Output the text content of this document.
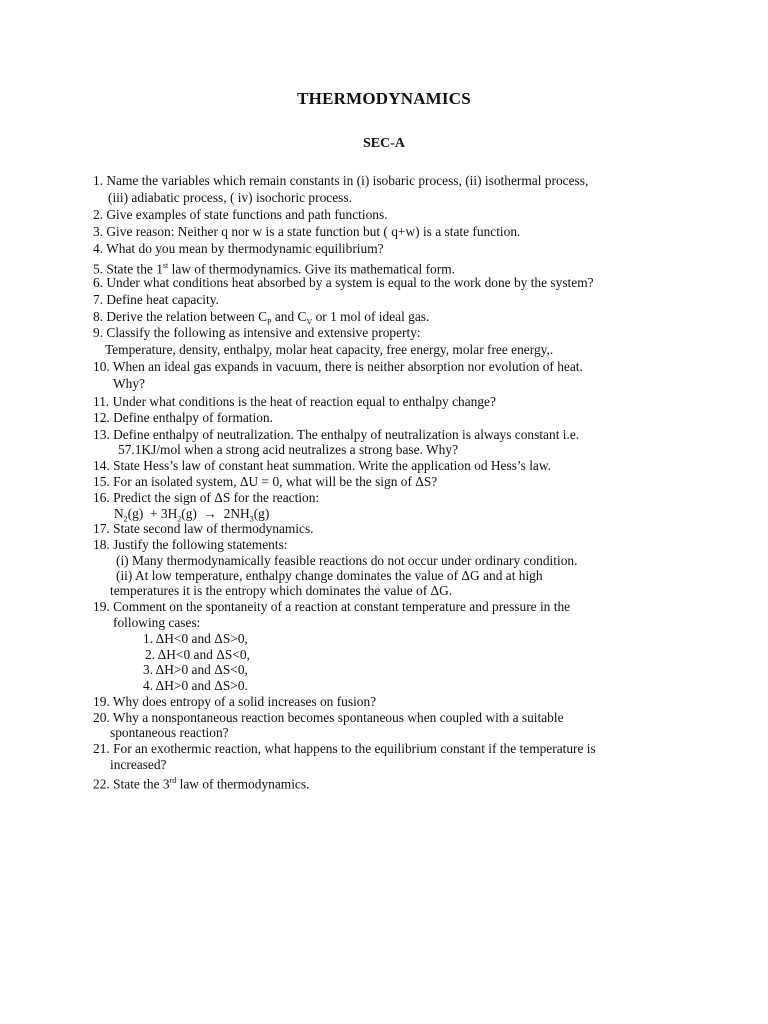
THERMODYNAMICS
SEC-A
1. Name the variables which remain constants in (i) isobaric process, (ii) isothermal process,
(iii) adiabatic process, ( iv) isochoric process.
2. Give examples of state functions and path functions.
3. Give reason: Neither q nor w is a state function but ( q+w) is a state function.
4. What do you mean by thermodynamic equilibrium?
5. State the 1st law of thermodynamics. Give its mathematical form.
6. Under what conditions heat absorbed by a system is equal to the work done by the system?
7. Define heat capacity.
8. Derive the relation between $C_P$ and $C_V$ or 1 mol of ideal gas.
9. Classify the following as intensive and extensive property:
Temperature, density, enthalpy, molar heat capacity, free energy, molar free energy,.
10. When an ideal gas expands in vacuum, there is neither absorption nor evolution of heat.
Why?
11. Under what conditions is the heat of reaction equal to enthalpy change?
12. Define enthalpy of formation.
13. Define enthalpy of neutralization. The enthalpy of neutralization is always constant i.e.
57.1KJ/mol when a strong acid neutralizes a strong base. Why?
14. State Hess’s law of constant heat summation. Write the application od Hess’s law.
15. For an isolated system, ΔU = 0, what will be the sign of ΔS?
16. Predict the sign of ΔS for the reaction:
$N_2(g) + 3H_2(g) \to 2NH_3(g)$
17. State second law of thermodynamics.
18. Justify the following statements:
(i) Many thermodynamically feasible reactions do not occur under ordinary condition.
(ii) At low temperature, enthalpy change dominates the value of ΔG and at high
temperatures it is the entropy which dominates the value of ΔG.
19. Comment on the spontaneity of a reaction at constant temperature and pressure in the
following cases:
1. ΔH<0 and ΔS>0,
2. ΔH<0 and ΔS<0,
3. ΔH>0 and ΔS<0,
4. ΔH>0 and ΔS>0.
19. Why does entropy of a solid increases on fusion?
20. Why a nonspontaneous reaction becomes spontaneous when coupled with a suitable
spontaneous reaction?
21. For an exothermic reaction, what happens to the equilibrium constant if the temperature is
increased?
22. State the 3rd law of thermodynamics.
